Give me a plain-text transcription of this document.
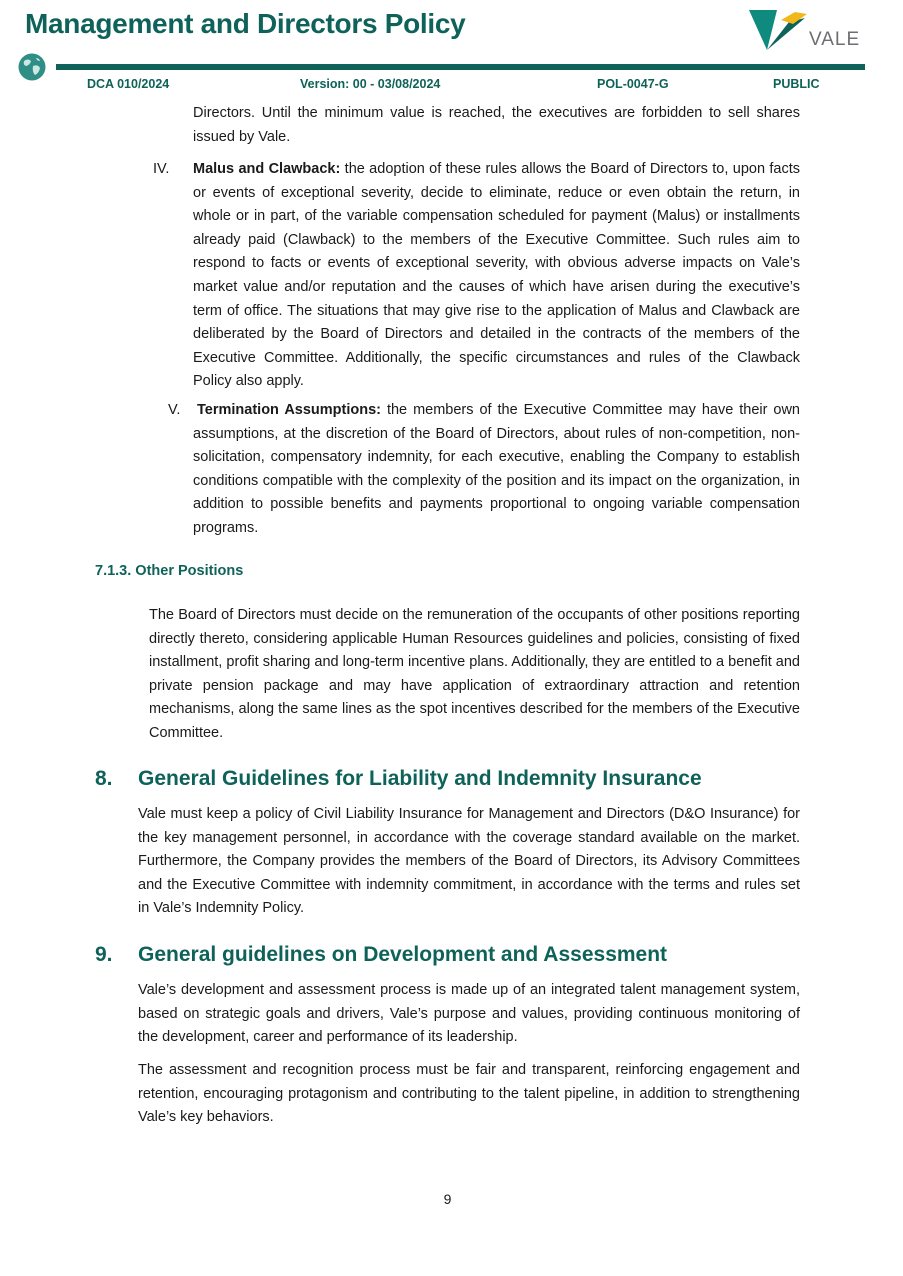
Management and Directors Policy
VALE
DCA 010/2024	Version: 00 - 03/08/2024	POL-0047-G	PUBLIC
Directors. Until the minimum value is reached, the executives are forbidden to sell shares issued by Vale.
IV. Malus and Clawback: the adoption of these rules allows the Board of Directors to, upon facts or events of exceptional severity, decide to eliminate, reduce or even obtain the return, in whole or in part, of the variable compensation scheduled for payment (Malus) or installments already paid (Clawback) to the members of the Executive Committee. Such rules aim to respond to facts or events of exceptional severity, with obvious adverse impacts on Vale’s market value and/or reputation and the causes of which have arisen during the executive’s term of office. The situations that may give rise to the application of Malus and Clawback are deliberated by the Board of Directors and detailed in the contracts of the members of the Executive Committee. Additionally, the specific circumstances and rules of the Clawback Policy also apply.
V. Termination Assumptions: the members of the Executive Committee may have their own assumptions, at the discretion of the Board of Directors, about rules of non-competition, non-solicitation, compensatory indemnity, for each executive, enabling the Company to establish conditions compatible with the complexity of the position and its impact on the organization, in addition to possible benefits and payments proportional to ongoing variable compensation programs.
7.1.3. Other Positions
The Board of Directors must decide on the remuneration of the occupants of other positions reporting directly thereto, considering applicable Human Resources guidelines and policies, consisting of fixed installment, profit sharing and long-term incentive plans. Additionally, they are entitled to a benefit and private pension package and may have application of extraordinary attraction and retention mechanisms, along the same lines as the spot incentives described for the members of the Executive Committee.
8. General Guidelines for Liability and Indemnity Insurance
Vale must keep a policy of Civil Liability Insurance for Management and Directors (D&O Insurance) for the key management personnel, in accordance with the coverage standard available on the market. Furthermore, the Company provides the members of the Board of Directors, its Advisory Committees and the Executive Committee with indemnity commitment, in accordance with the terms and rules set in Vale’s Indemnity Policy.
9. General guidelines on Development and Assessment
Vale’s development and assessment process is made up of an integrated talent management system, based on strategic goals and drivers, Vale’s purpose and values, providing continuous monitoring of the development, career and performance of its leadership.
The assessment and recognition process must be fair and transparent, reinforcing engagement and retention, encouraging protagonism and contributing to the talent pipeline, in addition to strengthening Vale’s key behaviors.
9
